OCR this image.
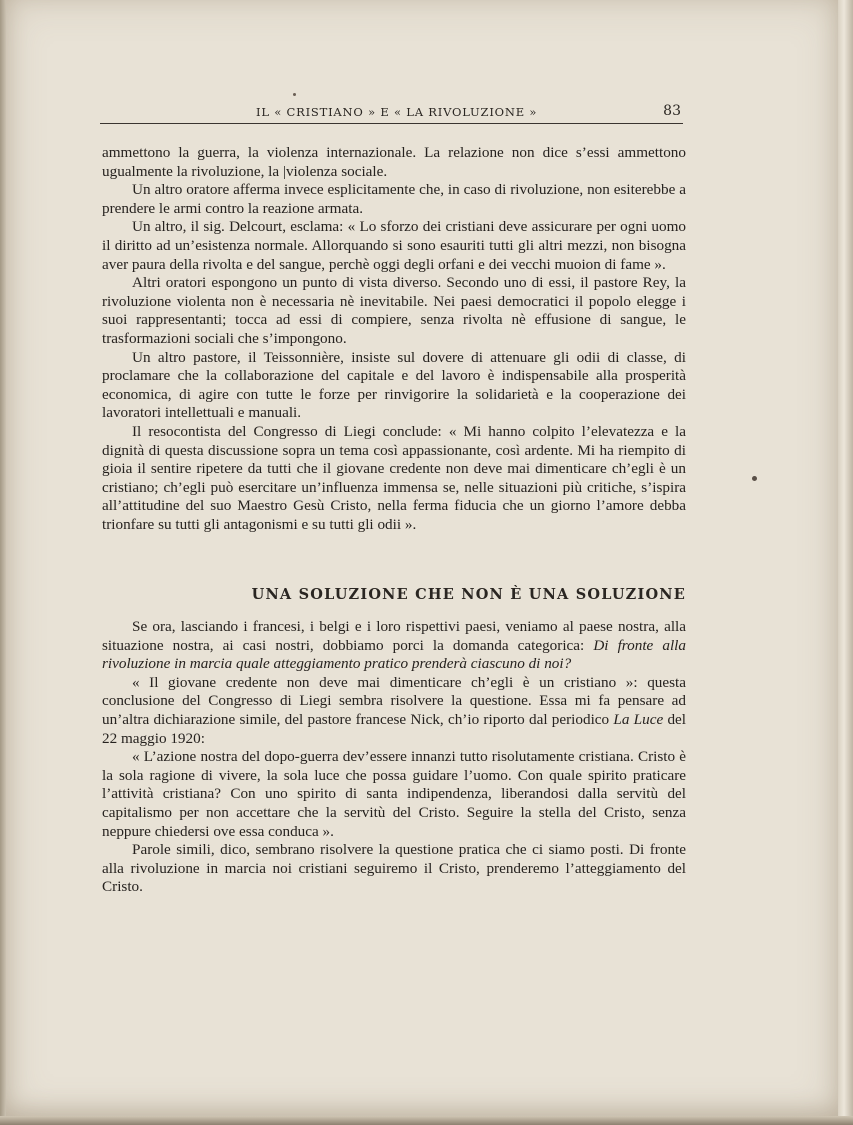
IL « CRISTIANO » E « LA RIVOLUZIONE »	83

ammettono la guerra, la violenza internazionale. La relazione non dice s’essi ammettono ugualmente la rivoluzione, la |violenza sociale.

Un altro oratore afferma invece esplicitamente che, in caso di rivoluzione, non esiterebbe a prendere le armi contro la reazione armata.

Un altro, il sig. Delcourt, esclama: « Lo sforzo dei cristiani deve assicurare per ogni uomo il diritto ad un’esistenza normale. Allorquando si sono esauriti tutti gli altri mezzi, non bisogna aver paura della rivolta e del sangue, perchè oggi degli orfani e dei vecchi muoion di fame ».

Altri oratori espongono un punto di vista diverso. Secondo uno di essi, il pastore Rey, la rivoluzione violenta non è necessaria nè inevitabile. Nei paesi democratici il popolo elegge i suoi rappresentanti; tocca ad essi di compiere, senza rivolta nè effusione di sangue, le trasformazioni sociali che s’impongono.

Un altro pastore, il Teissonnière, insiste sul dovere di attenuare gli odii di classe, di proclamare che la collaborazione del capitale e del lavoro è indispensabile alla prosperità economica, di agire con tutte le forze per rinvigorire la solidarietà e la cooperazione dei lavoratori intellettuali e manuali.

Il resocontista del Congresso di Liegi conclude: « Mi hanno colpito l’elevatezza e la dignità di questa discussione sopra un tema così appassionante, così ardente. Mi ha riempito di gioia il sentire ripetere da tutti che il giovane credente non deve mai dimenticare ch’egli è un cristiano; ch’egli può esercitare un’influenza immensa se, nelle situazioni più critiche, s’ispira all’attitudine del suo Maestro Gesù Cristo, nella ferma fiducia che un giorno l’amore debba trionfare su tutti gli antagonismi e su tutti gli odii ».

UNA SOLUZIONE CHE NON È UNA SOLUZIONE

Se ora, lasciando i francesi, i belgi e i loro rispettivi paesi, veniamo al paese nostra, alla situazione nostra, ai casi nostri, dobbiamo porci la domanda categorica: Di fronte alla rivoluzione in marcia quale atteggiamento pratico prenderà ciascuno di noi?

« Il giovane credente non deve mai dimenticare ch’egli è un cristiano »: questa conclusione del Congresso di Liegi sembra risolvere la questione. Essa mi fa pensare ad un’altra dichiarazione simile, del pastore francese Nick, ch’io riporto dal periodico La Luce del 22 maggio 1920:

« L’azione nostra del dopo-guerra dev’essere innanzi tutto risolutamente cristiana. Cristo è la sola ragione di vivere, la sola luce che possa guidare l’uomo. Con quale spirito praticare l’attività cristiana? Con uno spirito di santa indipendenza, liberandosi dalla servitù del capitalismo per non accettare che la servitù del Cristo. Seguire la stella del Cristo, senza neppure chiedersi ove essa conduca ».

Parole simili, dico, sembrano risolvere la questione pratica che ci siamo posti. Di fronte alla rivoluzione in marcia noi cristiani seguiremo il Cristo, prenderemo l’atteggiamento del Cristo.
